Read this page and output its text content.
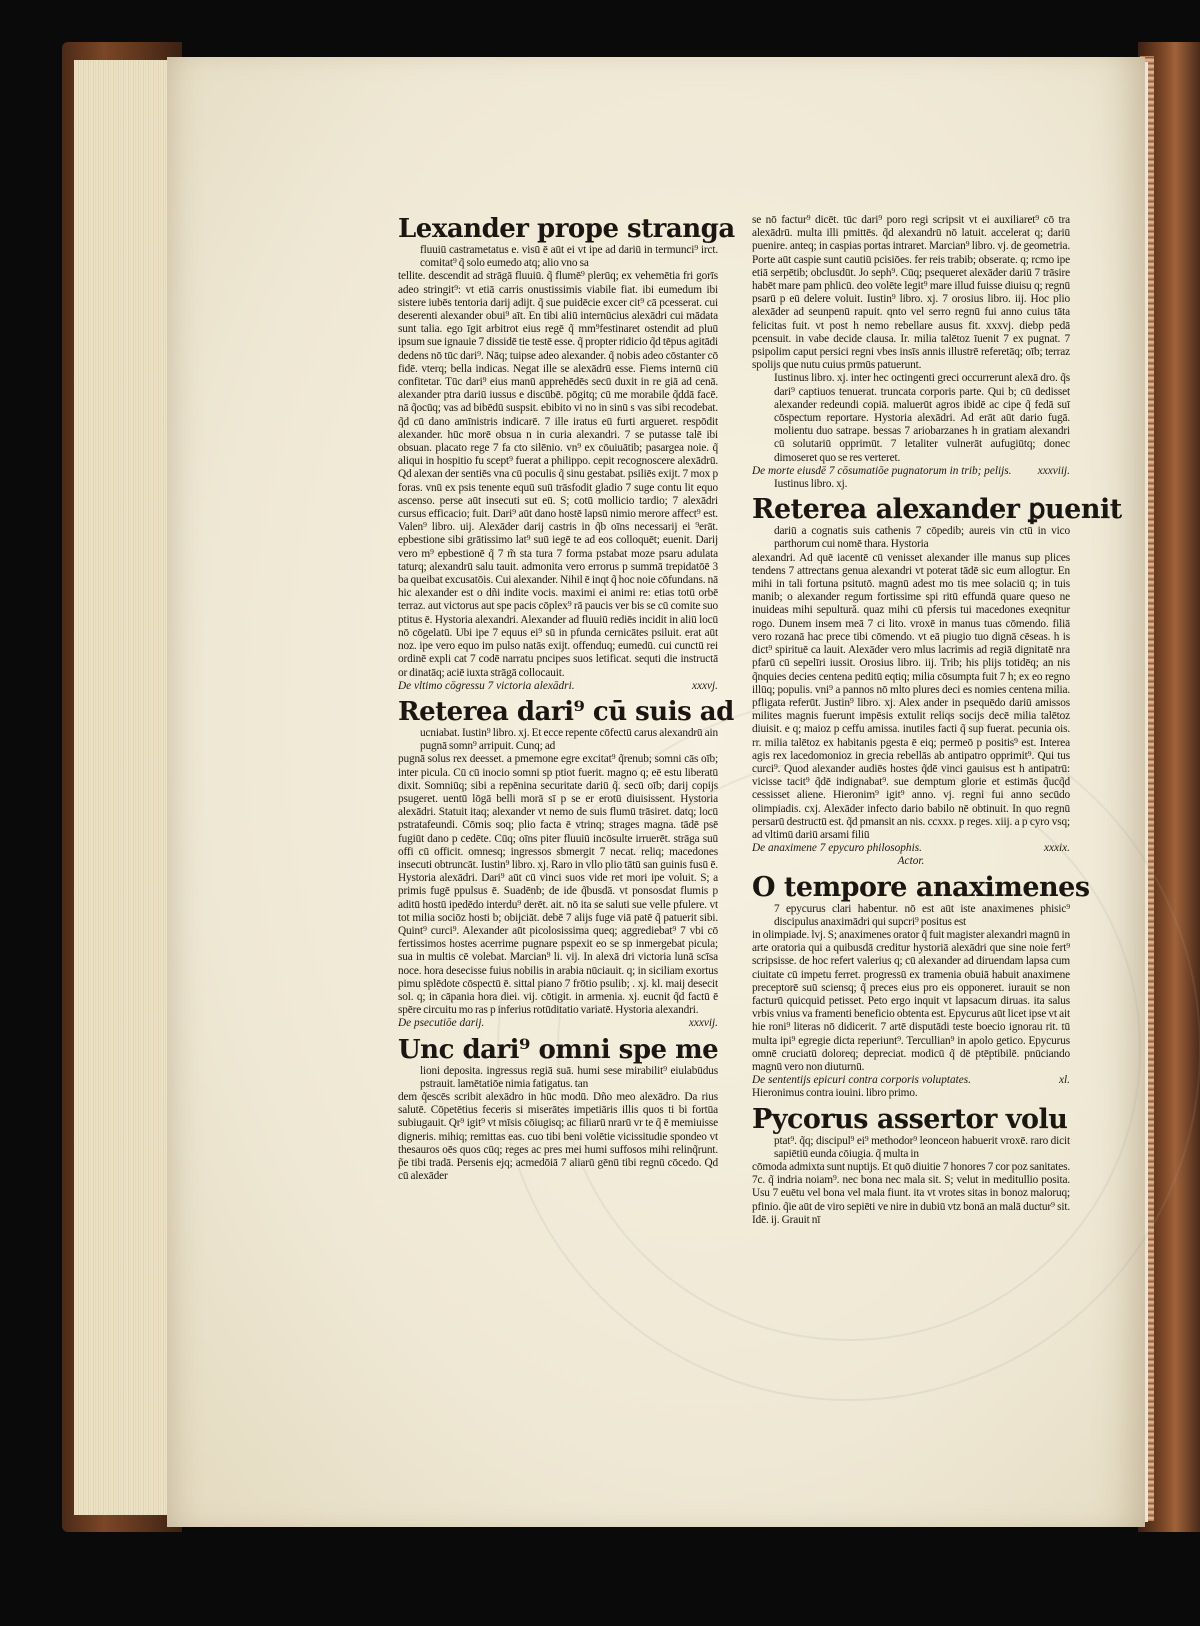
Lexander prope stranga

fluuiū castrametatus e. visū ē aūt ei vt ipe ad dariū in termunci⁹ irct. comitat⁹ q̃ solo eumedo atq; alio vno sa

tellite. descendit ad strāgā fluuiū. q̃ flumē⁹ plerūq; ex vehemētia fri gorīs adeo stringit⁹: vt etiā carris onustissimis viabile fiat. ibi eumedum ibi sistere iubēs tentoria darij adijt. q̃ sue puidēcie excer cit⁹ cā pcesserat. cui deserenti alexander obui⁹ aīt. En tibi aliū internūcius alexādri cui mādata sunt talia. ego īgit arbitrot eius regē q̃ mm⁹festinaret ostendit ad pluū ipsum sue ignauie 7 dissidē tie testē esse. q̃ propter ridicio q̃d tēpus agitādi dedens nō tūc dari⁹. Nāq; tuipse adeo alexander. q̃ nobis adeo cōstanter cō fidē. vterq; bella indicas. Negat ille se alexādrū esse. Fiems internū ciū confitetar. Tūc dari⁹ eius manū apprehēdēs secū duxit in re giā ad cenā. alexander ptra dariū iussus e discūbē. pōgitq; cū me morabile q̃ddā facē. nā q̃ocūq; vas ad bibēdū suspsit. ebibito vi no in sinū s vas sibi recodebat. q̃d cū dano amīnistris indicarē. 7 ille iratus eū furti argueret. respōdit alexander. hūc morē obsua n in curia alexandri. 7 se putasse talē ibi obsuan. placato rege 7 fa cto silēnio. vn⁹ ex cōuiuātib; pasargea noie. q̃ aliqui in hospitio fu scept⁹ fuerat a philippo. cepit recognoscere alexādrū. Qd alexan der sentiēs vna cū poculis q̃ sinu gestabat. psiliēs exijt. 7 mox p foras. vnū ex psis tenente equū suū trāsfodit gladio 7 suge contu lit equo ascenso. perse aūt insecuti sut eū. S; cotū mollicio tardio; 7 alexādri cursus efficacio; fuit. Dari⁹ aūt dano hostē lapsū nimio merore affect⁹ est. Valen⁹ libro. uij. Alexāder darij castris in q̃b oīns necessarij ei ⁹erāt. epbestione sibi grātissimo lat⁹ suū iegē te ad eos colloquēt; euenit. Darij vero m⁹ epbestionē q̃ 7 m̃ sta tura 7 forma pstabat moze psaru adulata taturq; alexandrū salu tauit. admonita vero errorus p summā trepidatōē 3 ba queibat excusatōis. Cui alexander. Nihil ē inqt q̃ hoc noie cōfundans. nā hic alexander est o dñi indite vocis. maximi ei animi re: etias totū orbē terraz. aut victorus aut spe pacis cōplex⁹ rā paucis ver bis se cū comite suo ptitus ē. Hystoria alexandri. Alexander ad fluuiū rediēs incidit in aliū locū nō cōgelatū. Ubi ipe 7 equus ei⁹ sū in pfunda cernicātes psiluit. erat aūt noz. ipe vero equo im pulso natās exijt. offenduq; eumedū. cui cunctū rei ordinē expli cat 7 codē narratu pncipes suos letificat. sequti die instructā or dinatāq; aciē iuxta strāgā collocauit.

De vltimo cōgressu 7 victoria alexādri.	xxxvj.
Reterea dari⁹ cū suis ad

ucniabat. Iustin⁹ libro. xj. Et ecce repente cōfectū carus alexandrū ain pugnā somn⁹ arripuit. Cunq; ad

pugnā solus rex deesset. a pmemone egre excitat⁹ q̃renub; somni cās oīb; inter picula. Cū cū inocio somni sp ptiot fuerit. magno q; eē estu liberatū dixit. Somniūq; sibi a repēnina securitate dariū q̃. secū oīb; darij copijs psugeret. uentū lōgā belli morā sī p se er erotū diuisissent. Hystoria alexādri. Statuit itaq; alexander vt nemo de suis flumū trāsiret. datq; locū pstratafeundi. Cōmis soq; plio facta ē vtrinq; strages magna. tādē psē fugiūt dano p cedēte. Cūq; oīns piter fluuiū incōsulte irruerēt. strāga suū offi cū officit. omnesq; ingressos sbmergit 7 necat. reliq; macedones insecuti obtruncāt. Iustin⁹ libro. xj. Raro in vllo plio tātū san guinis fusū ē. Hystoria alexādri. Dari⁹ aūt cū vinci suos vide ret mori ipe voluit. S; a primis fugē ppulsus ē. Suadēnb; de ide q̃busdā. vt ponsosdat flumis p aditū hostū ipedēdo interdu⁹ derēt. ait. nō ita se saluti sue velle pfulere. vt tot milia sociōz hosti b; obijciāt. debē 7 alijs fuge viā patē q̃ patuerit sibi. Quint⁹ curci⁹. Alexander aūt picolosissima queq; aggrediebat⁹ 7 vbi cō fertissimos hostes acerrime pugnare pspexit eo se sp inmergebat picula; sua in multis cē volebat. Marcian⁹ li. vij. In alexā dri victoria lunā scīsa noce. hora desecisse fuius nobilis in arabia nūciauit. q; in siciliam exortus pimu splēdote cōspectū ē. sittal piano 7 frōtio psulib; . xj. kl. maij desecit sol. q; in cāpania hora diei. vij. cōtigit. in armenia. xj. eucnit q̃d factū ē spēre circuitu mo ras p inferius rotūditatio variatē. Hystoria alexandri.

De psecutiōe darij.	xxxvij.
Unc dari⁹ omni spe me

lioni deposita. ingressus regiā suā. humi sese mirabilit⁹ eiulabūdus pstrauit. lamētatiōe nimia fatigatus. tan

dem q̃escēs scribit alexādro in hūc modū. Dño meo alexādro. Da rius salutē. Cōpetētius feceris si miserātes impetiāris illis quos ti bi fortūa subiugauit. Qr⁹ igit⁹ vt mīsis cōiugisq; ac filiarū nrarū vr te q̃ ē memiuisse digneris. mihiq; remittas eas. cuo tibi beni volētie vicissitudie spondeo vt thesauros oēs quos cūq; reges ac pres mei humi suffosos mihi relinq̃runt. p̃e tibi tradā. Persenis ejq; acmedōiā 7 aliarū gēnū tibi regnū cōcedo. Qd cū alexāder

se nō factur⁹ dicēt. tūc dari⁹ poro regi scripsit vt ei auxiliaret⁹ cō tra alexādrū. multa illi pmittēs. q̃d alexandrū nō latuit. accelerat q; dariū puenire. anteq; in caspias portas intraret. Marcian⁹ libro. vj. de geometria. Porte aūt caspie sunt cautiū pcisiōes. fer reis trabib; obserate. q; rcmo ipe etiā serpētib; obclusdūt. Jo seph⁹. Cūq; psequeret alexāder dariū 7 trāsire habēt mare pam phlicū. deo volēte legit⁹ mare illud fuisse diuisu q; regnū psarū p eū delere voluit. Iustin⁹ libro. xj. 7 orosius libro. iij. Hoc plio alexāder ad seunpenū rapuit. qnto vel serro regnū fui anno cuius tāta felicitas fuit. vt post h nemo rebellare ausus fit. xxxvj. diebp pedā pcensuit. in vabe decide clausa. Ir. milia talētoz īuenit 7 ex pugnat. 7 psipolim caput persici regni vbes insīs annis illustrē referetāq; oīb; terraz spolijs que nutu cuius prmūs patuerunt.

Iustinus libro. xj. inter hec octingenti greci occurrerunt alexā dro. q̃s dari⁹ captiuos tenuerat. truncata corporis parte. Qui b; cū dedisset alexander redeundi copiā. maluerūt agros ibidē ac cipe q̃ fedā suī cōspectum reportare. Hystoria alexādri. Ad erāt aūt dario fugā. molientu duo satrape. bessas 7 ariobarzanes h in gratiam alexandri cū solutariū opprimūt. 7 letaliter vulnerāt aufugiūtq; donec dimoseret quo se res verteret.

De morte eiusdē 7 cōsumatiōe pugnatorum in trib; pelijs. xxxviij.

Iustinus libro. xj.

Reterea alexander ꝑuenit

dariū a cognatis suis cathenis 7 cōpedib; aureis vin ctū in vico parthorum cui nomē thara. Hystoria

alexandri. Ad quē iacentē cū venisset alexander ille manus sup plices tendens 7 attrectans genua alexandri vt poterat tādē sic eum allogtur. En mihi in tali fortuna psitutō. magnū adest mo tis mee solaciū q; in tuis manib; o alexander regum fortissime spi ritū effundā quare queso ne inuideas mihi sepultură. quaz mihi cū pfersis tui macedones exeqnitur rogo. Dunem insem meā 7 ci lito. vroxē in manus tuas cōmendo. filiā vero rozanā hac prece tibi cōmendo. vt eā piugio tuo dignā cēseas. h is dict⁹ spirituē ca lauit. Alexāder vero mlus lacrimis ad regiā dignitatē nra pfarū cū sepelīri iussit. Orosius libro. iij. Trib; his plijs totidēq; an nis q̃nquies decies centena peditū eqtiq; milia cōsumpta fuit 7 h; ex eo regno illūq; populis. vni⁹ a pannos nō mlto plures deci es nomies centena milia. pfligata referūt. Justin⁹ libro. xj. Alex ander in psequēdo dariū amissos milites magnis fuerunt impēsis extulit reliqs socijs decē milia talētoz diuisit. e q; maioz p ceffu amissa. inutiles facti q̃ sup fuerat. pecunia ois. rr. milia talētoz ex habitanis pgesta ē eiq; permeō p positis⁹ est. Interea agis rex lacedomonioz in grecia rebellās ab antipatro opprimit⁹. Qui tus curci⁹. Quod alexander audiēs hostes q̃dē vinci gauisus est h antipatrū: vicisse tacit⁹ q̃dē indignabat⁹. sue demptum glorie et estimās q̃ucq̃d cessisset aliene. Hieronim⁹ igit⁹ anno. vj. regni fui anno secūdo olimpiadis. cxj. Alexāder infecto dario babilo nē obtinuit. In quo regnū persarū destructū est. q̃d pmansit an nis. ccxxx. p reges. xiij. a p cyro vsq; ad vltimū dariū arsami filiū

De anaximene 7 epycuro philosophis.	xxxix.
Actor.
O tempore anaximenes

7 epycurus clari habentur. nō est aūt iste anaximenes phisic⁹ discipulus anaximādri qui supcri⁹ positus est

in olimpiade. lvj. S; anaximenes orator q̃ fuit magister alexandri magnū in arte oratoria qui a quibusdā creditur hystoriā alexādri que sine noie fert⁹ scripsisse. de hoc refert valerius q; cū alexander ad diruendam lapsa cum ciuitate cū impetu ferret. progressū ex tramenia obuiā habuit anaximene preceptorē suū sciensq; q̃ preces eius pro eis opponeret. iurauit se non facturū quicquid petisset. Peto ergo inquit vt lapsacum diruas. ita salus vrbis vnius va framenti beneficio obtenta est. Epycurus aūt licet ipse vt ait hie roni⁹ literas nō didicerit. 7 artē disputādi teste boecio ignorau rit. tū multa ipi⁹ egregie dicta reperiunt⁹. Tercullian⁹ in apolo getico. Epycurus omnē cruciatū doloreq; depreciat. modicū q̃ dē ptēptibilē. pnūciando magnū vero non diuturnū.

De sententijs epicuri contra corporis voluptates.	xl.

Hieronimus contra iouini. libro primo.

Pycorus assertor volu

ptat⁹. q̃q; discipul⁹ ei⁹ methodor⁹ leonceon habuerit vroxē. raro dicit sapiētiū eunda cōiugia. q̃ multa in

cōmoda admixta sunt nuptijs. Et quō diuitie 7 honores 7 cor poz sanitates. 7c. q̃ indria noiam⁹. nec bona nec mala sit. S; velut in meditullio posita. Usu 7 euētu vel bona vel mala fiunt. ita vt vrotes sitas in bonoz maloruq; pfinio. q̃ie aūt de viro sepiēti ve nire in dubiū vtz bonā an malā ductur⁹ sit. Idē. ij. Grauit nī
